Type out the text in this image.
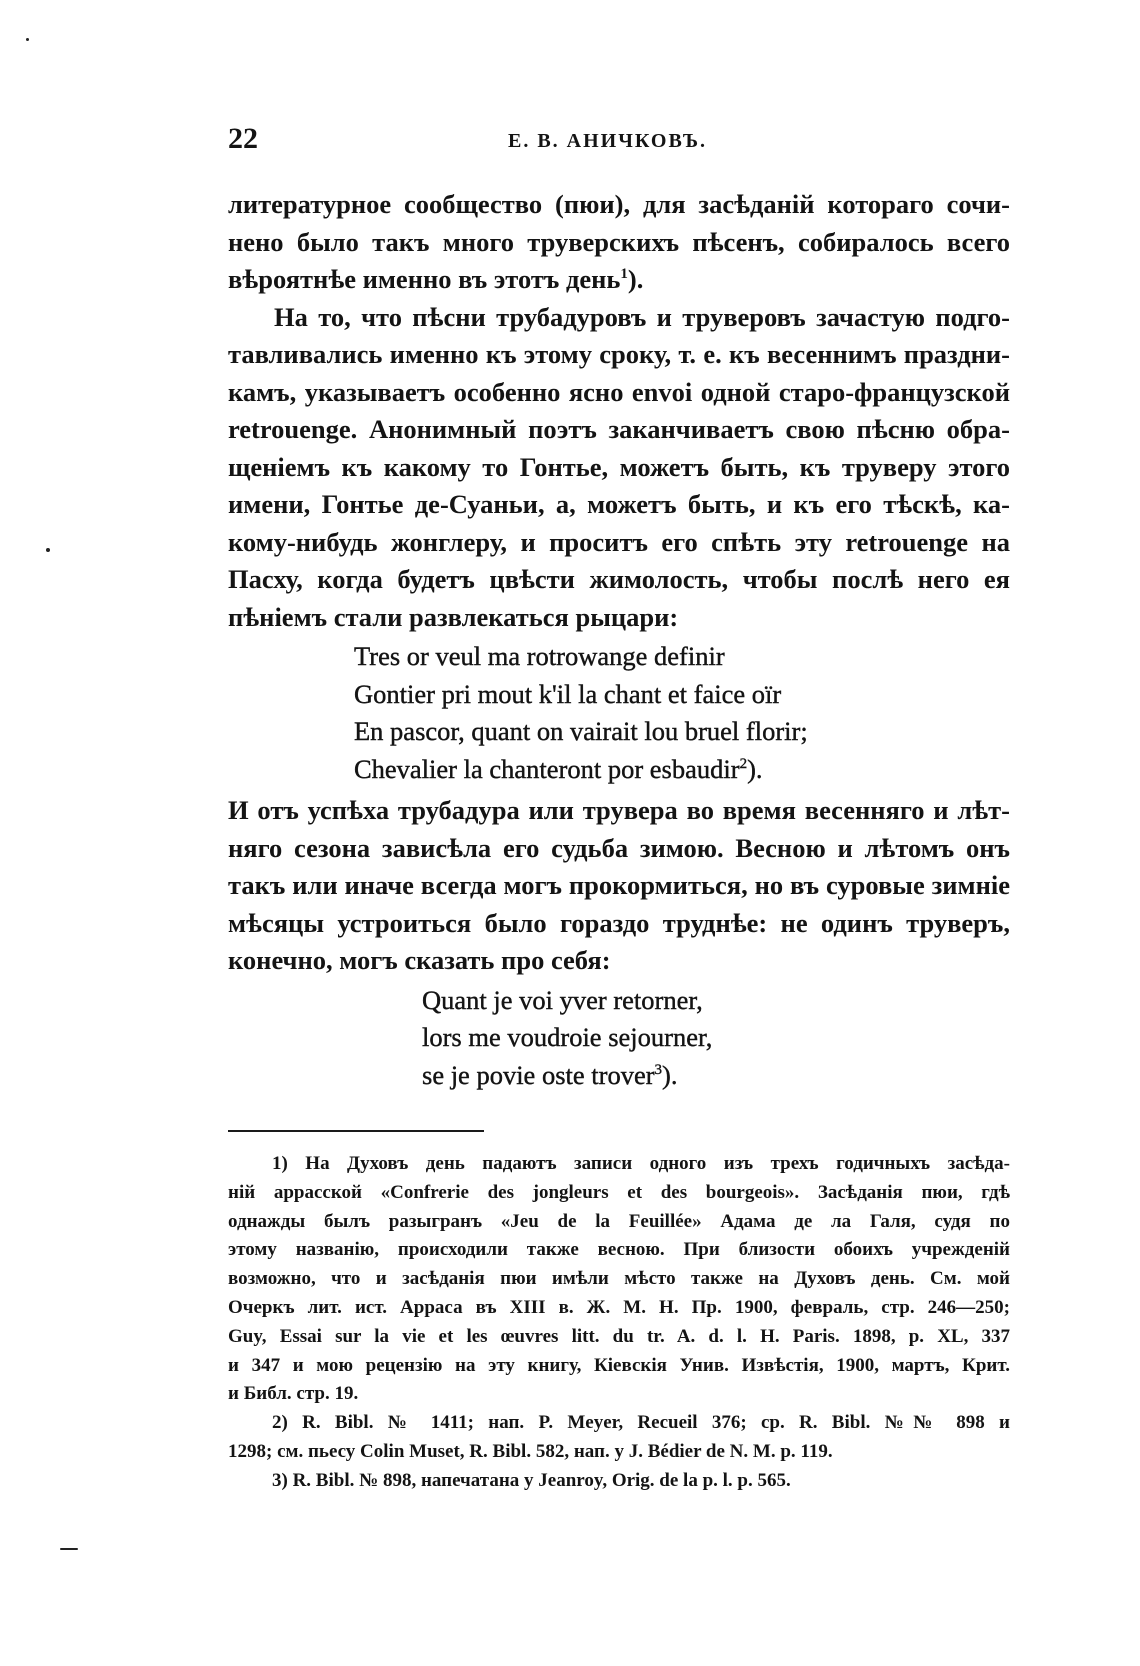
22	Е. В. АНИЧКОВЪ.
литературное сообщество (пюи), для засѣданій котораго сочи-
нено было такъ много труверскихъ пѣсенъ, собиралось всего
вѣроятнѣе именно въ этотъ день$^1$).
На то, что пѣсни трубадуровъ и труверовъ зачастую подго-
тавливались именно къ этому сроку, т. е. къ весеннимъ праздни-
камъ, указываетъ особенно ясно envoi одной старо-французской
retrouenge. Анонимный поэтъ заканчиваетъ свою пѣсню обра-
щеніемъ къ какому то Гонтье, можетъ быть, къ труверу этого
имени, Гонтье де-Суаньи, а, можетъ быть, и къ его тѣскѣ, ка-
кому-нибудь жонглеру, и проситъ его спѣть эту retrouenge на
Пасху, когда будетъ цвѣсти жимолость, чтобы послѣ него ея
пѣніемъ стали развлекаться рыцари:
Tres or veul ma rotrowange definir
Gontier pri mout k'il la chant et faice oïr
En pascor, quant on vairait lou bruel florir;
Chevalier la chanteront por esbaudir$^2$).
И отъ успѣха трубадура или трувера во время весенняго и лѣт-
няго сезона зависѣла его судьба зимою. Весною и лѣтомъ онъ
такъ или иначе всегда могъ прокормиться, но въ суровые зимніе
мѣсяцы устроиться было гораздо труднѣе: не одинъ труверъ,
конечно, могъ сказать про себя:
Quant je voi yver retorner,
lors me voudroie sejourner,
se je povie oste trover$^3$).
1) На Духовъ день падаютъ записи одного изъ трехъ годичныхъ засѣда-
ній аррасской «Confrerie des jongleurs et des bourgeois». Засѣданія пюи, гдѣ
однажды былъ разыгранъ «Jeu de la Feuillée» Адама де ла Галя, судя по
этому названію, происходили также весною. При близости обоихъ учрежденій
возможно, что и засѣданія пюи имѣли мѣсто также на Духовъ день. См. мой
Очеркъ лит. ист. Арраса въ XIII в. Ж. М. Н. Пр. 1900, февраль, стр. 246—250;
Guy, Essai sur la vie et les œuvres litt. du tr. A. d. l. H. Paris. 1898, p. XL, 337
и 347 и мою рецензію на эту книгу, Кіевскія Унив. Извѣстія, 1900, мартъ, Крит.
и Библ. стр. 19.
2) R. Bibl. № 1411; нап. P. Meyer, Recueil 376; ср. R. Bibl. №№ 898 и
1298; см. пьесу Colin Muset, R. Bibl. 582, нап. у J. Bédier de N. M. p. 119.
3) R. Bibl. № 898, напечатана у Jeanroy, Orig. de la p. l. p. 565.
